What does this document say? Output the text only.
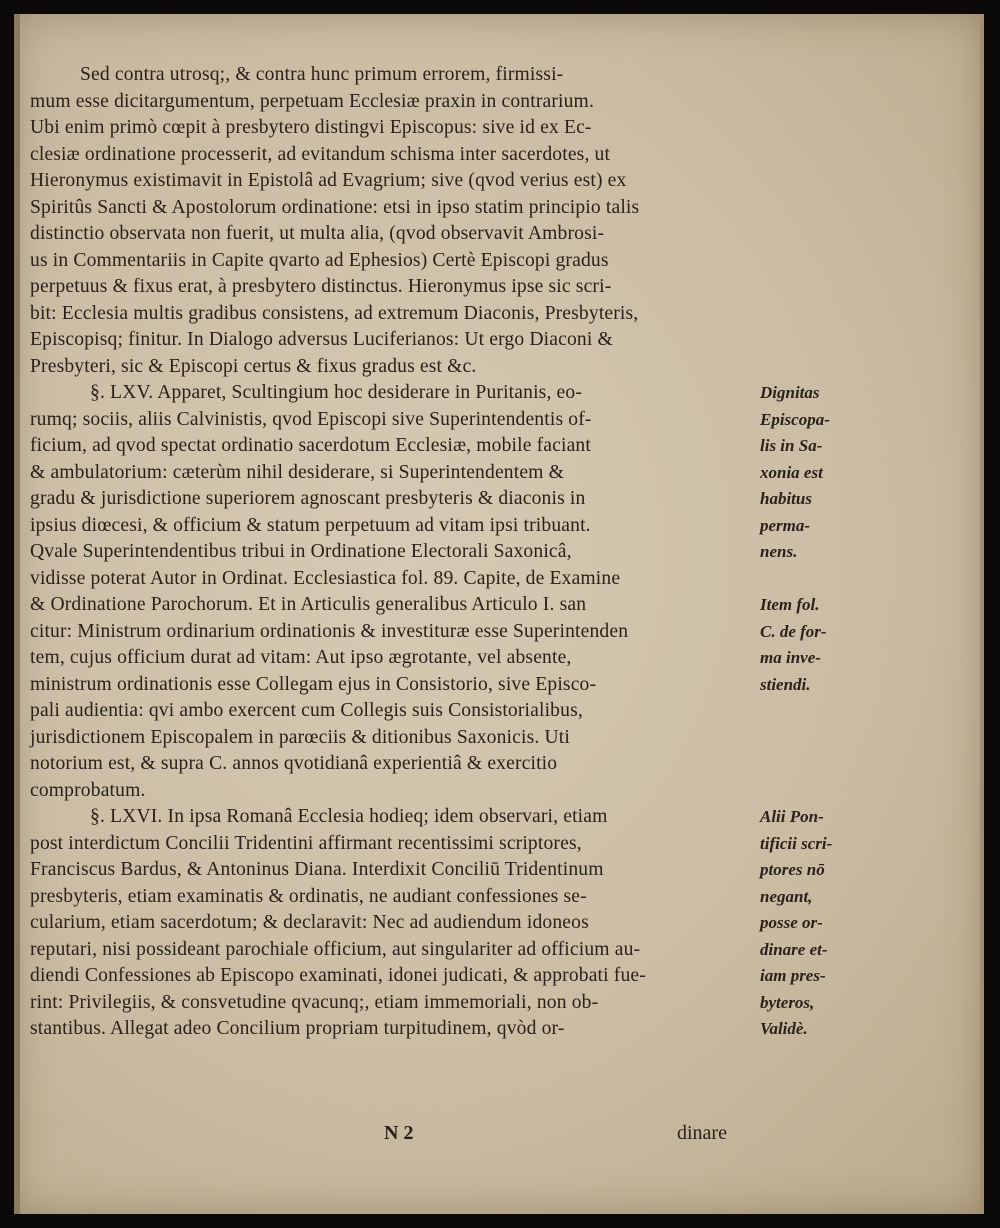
Sed contra utrosq;, & contra hunc primum errorem, firmissi-
mum esse dicitargumentum, perpetuam Ecclesiæ praxin in contrarium.
Ubi enim primò cœpit à presbytero distingvi Episcopus: sive id ex Ec-
clesiæ ordinatione processerit, ad evitandum schisma inter sacerdotes, ut
Hieronymus existimavit in Epistolâ ad Evagrium; sive (qvod verius est) ex
Spiritûs Sancti & Apostolorum ordinatione: etsi in ipso statim principio talis
distinctio observata non fuerit, ut multa alia, (qvod observavit Ambrosi-
us in Commentariis in Capite qvarto ad Ephesios) Certè Episcopi gradus
perpetuus & fixus erat, à presbytero distinctus. Hieronymus ipse sic scri-
bit: Ecclesia multis gradibus consistens, ad extremum Diaconis, Presbyteris,
Episcopisq; finitur. In Dialogo adversus Luciferianos: Ut ergo Diaconi &
Presbyteri, sic & Episcopi certus & fixus gradus est &c.
§. LXV. Apparet, Scultingium hoc desiderare in Puritanis, eo-
rumq; sociis, aliis Calvinistis, qvod Episcopi sive Superintendentis of-
ficium, ad qvod spectat ordinatio sacerdotum Ecclesiæ, mobile faciant
& ambulatorium: cæterùm nihil desiderare, si Superintendentem &
gradu & jurisdictione superiorem agnoscant presbyteris & diaconis in
ipsius diœcesi, & officium & statum perpetuum ad vitam ipsi tribuant.
Qvale Superintendentibus tribui in Ordinatione Electorali Saxonicâ,
vidisse poterat Autor in Ordinat. Ecclesiastica fol. 89. Capite, de Examine
& Ordinatione Parochorum. Et in Articulis generalibus Articulo I. san
citur: Ministrum ordinarium ordinationis & investituræ esse Superintenden
tem, cujus officium durat ad vitam: Aut ipso ægrotante, vel absente,
ministrum ordinationis esse Collegam ejus in Consistorio, sive Episco-
pali audientia: qvi ambo exercent cum Collegis suis Consistorialibus,
jurisdictionem Episcopalem in parœciis & ditionibus Saxonicis. Uti
notorium est, & supra C. annos qvotidianâ experientiâ & exercitio
comprobatum.
§. LXVI. In ipsa Romanâ Ecclesia hodieq; idem observari, etiam
post interdictum Concilii Tridentini affirmant recentissimi scriptores,
Franciscus Bardus, & Antoninus Diana. Interdixit Conciliū Tridentinum
presbyteris, etiam examinatis & ordinatis, ne audiant confessiones se-
cularium, etiam sacerdotum; & declaravit: Nec ad audiendum idoneos
reputari, nisi possideant parochiale officium, aut singulariter ad officium au-
diendi Confessiones ab Episcopo examinati, idonei judicati, & approbati fue-
rint: Privilegiis, & consvetudine qvacunq;, etiam immemoriali, non ob-
stantibus. Allegat adeo Concilium propriam turpitudinem, qvòd or-
Dignitas
Episcopa-
lis in Sa-
xonia est
habitus
perma-
nens.
Item fol.
C. de for-
ma inve-
stiendi.
Alii Pon-
tificii scri-
ptores nō
negant,
posse or-
dinare et-
iam pres-
byteros,
Validè.
N 2	dinare
